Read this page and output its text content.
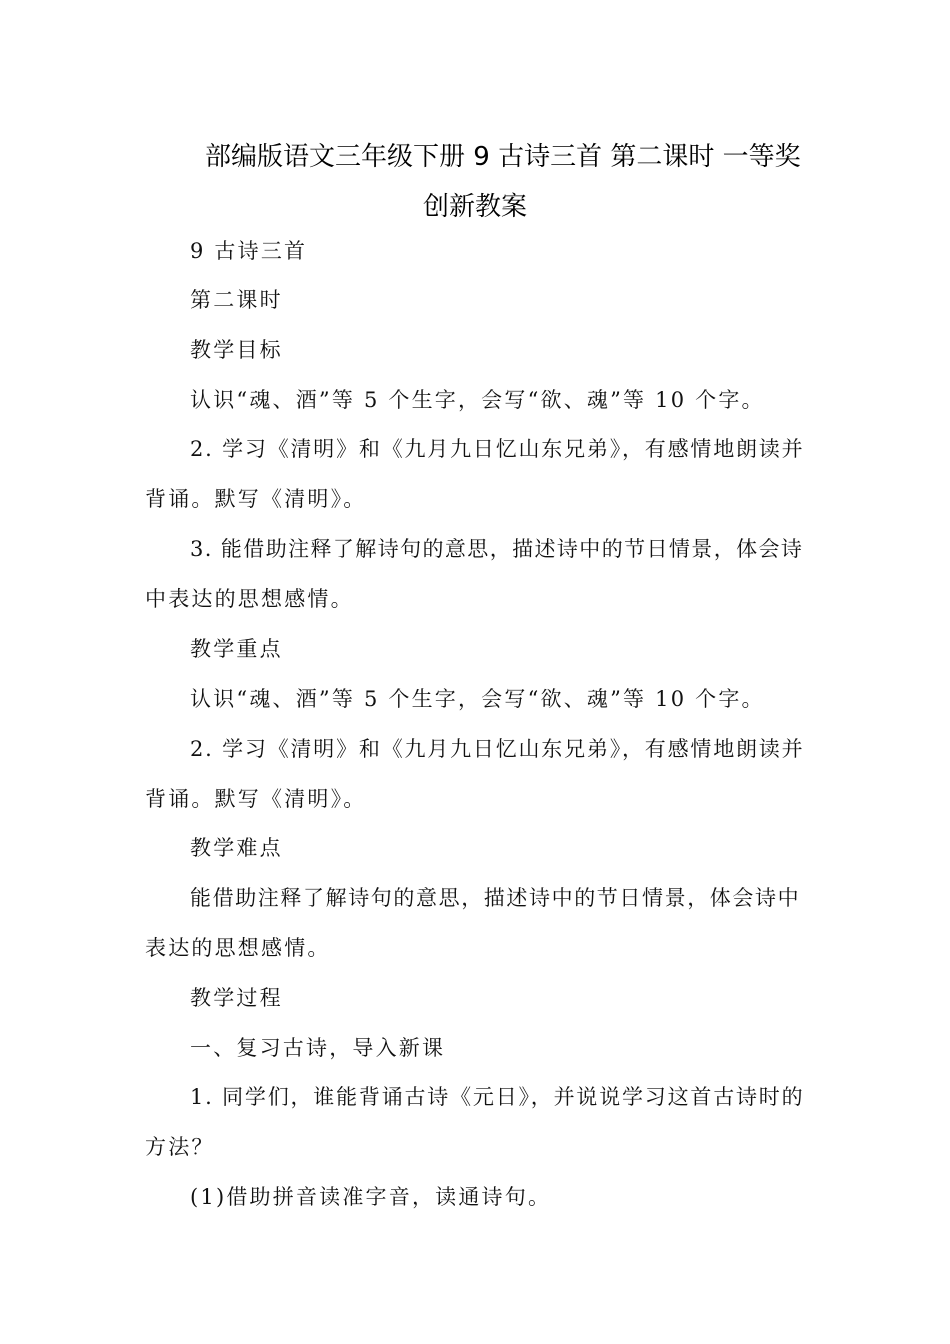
部编版语文三年级下册 9 古诗三首 第二课时 一等奖
创新教案
9 古诗三首
第二课时
教学目标
认识“魂、酒”等 5 个生字，会写“欲、魂”等 10 个字。
2. 学习《清明》和《九月九日忆山东兄弟》，有感情地朗读并
背诵。默写《清明》。
3. 能借助注释了解诗句的意思，描述诗中的节日情景，体会诗
中表达的思想感情。
教学重点
认识“魂、酒”等 5 个生字，会写“欲、魂”等 10 个字。
2. 学习《清明》和《九月九日忆山东兄弟》，有感情地朗读并
背诵。默写《清明》。
教学难点
能借助注释了解诗句的意思，描述诗中的节日情景，体会诗中
表达的思想感情。
教学过程
一、复习古诗，导入新课
1. 同学们，谁能背诵古诗《元日》，并说说学习这首古诗时的
方法？
(1)借助拼音读准字音，读通诗句。
